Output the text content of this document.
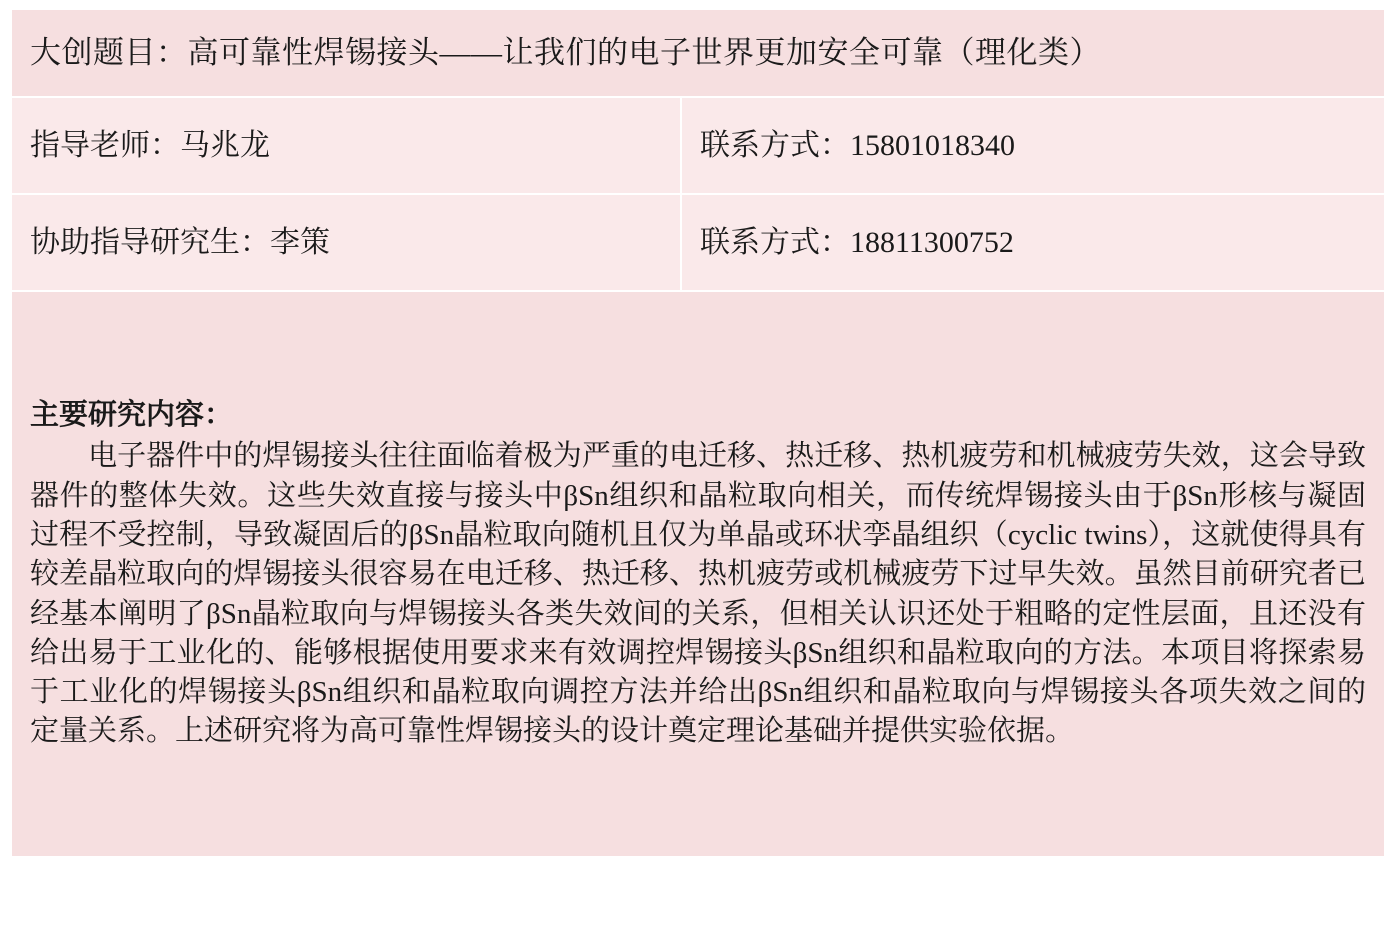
大创题目：高可靠性焊锡接头——让我们的电子世界更加安全可靠（理化类）	

指导老师：马兆龙	联系方式：15801018340

协助指导研究生：李策	联系方式：18811300752

主要研究内容：
　　电子器件中的焊锡接头往往面临着极为严重的电迁移、热迁移、热机疲劳和机械疲劳失效，这会导致器件的整体失效。这些失效直接与接头中βSn组织和晶粒取向相关，而传统焊锡接头由于βSn形核与凝固过程不受控制，导致凝固后的βSn晶粒取向随机且仅为单晶或环状孪晶组织（cyclic twins），这就使得具有较差晶粒取向的焊锡接头很容易在电迁移、热迁移、热机疲劳或机械疲劳下过早失效。虽然目前研究者已经基本阐明了βSn晶粒取向与焊锡接头各类失效间的关系，但相关认识还处于粗略的定性层面，且还没有给出易于工业化的、能够根据使用要求来有效调控焊锡接头βSn组织和晶粒取向的方法。本项目将探索易于工业化的焊锡接头βSn组织和晶粒取向调控方法并给出βSn组织和晶粒取向与焊锡接头各项失效之间的定量关系。上述研究将为高可靠性焊锡接头的设计奠定理论基础并提供实验依据。	
